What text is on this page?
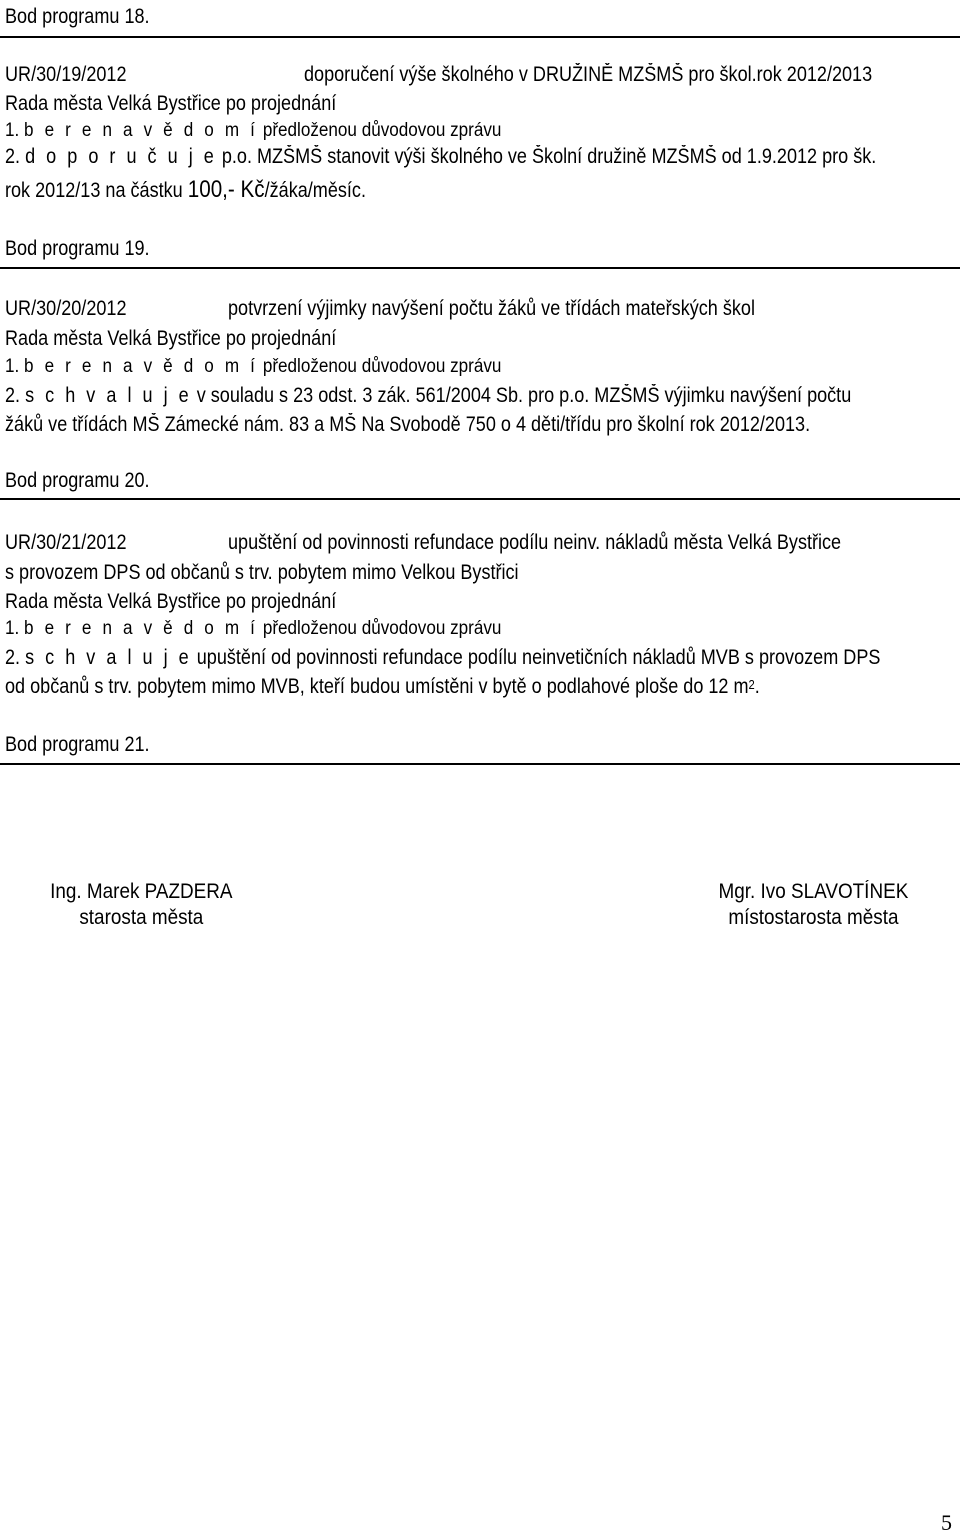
Bod programu 18.
UR/30/19/2012	doporučení výše školného v DRUŽINĚ MZŠMŠ pro škol.rok 2012/2013
Rada města Velká Bystřice po projednání
1. b e r e n a v ě d o m í předloženou důvodovou zprávu
2. d o p o r u č u j e p.o. MZŠMŠ stanovit výši školného ve Školní družině MZŠMŠ od 1.9.2012 pro šk.
rok 2012/13 na částku 100,- Kč/žáka/měsíc.
Bod programu 19.
UR/30/20/2012	potvrzení výjimky navýšení počtu žáků ve třídách mateřských škol
Rada města Velká Bystřice po projednání
1. b e r e n a v ě d o m í předloženou důvodovou zprávu
2. s c h v a l u j e v souladu s 23 odst. 3 zák. 561/2004 Sb. pro p.o. MZŠMŠ výjimku navýšení počtu
žáků ve třídách MŠ Zámecké nám. 83 a MŠ Na Svobodě 750 o 4 děti/třídu pro školní rok 2012/2013.
Bod programu 20.
UR/30/21/2012	upuštění od povinnosti refundace podílu neinv. nákladů města Velká Bystřice
s provozem DPS od občanů s trv. pobytem mimo Velkou Bystřici
Rada města Velká Bystřice po projednání
1. b e r e n a v ě d o m í předloženou důvodovou zprávu
2. s c h v a l u j e upuštění od povinnosti refundace podílu neinvetičních nákladů MVB s provozem DPS
od občanů s trv. pobytem mimo MVB, kteří budou umístěni v bytě o podlahové ploše do 12 $m^2$.
Bod programu 21.
Ing. Marek PAZDERA
starosta města
Mgr. Ivo SLAVOTÍNEK
místostarosta města
5
